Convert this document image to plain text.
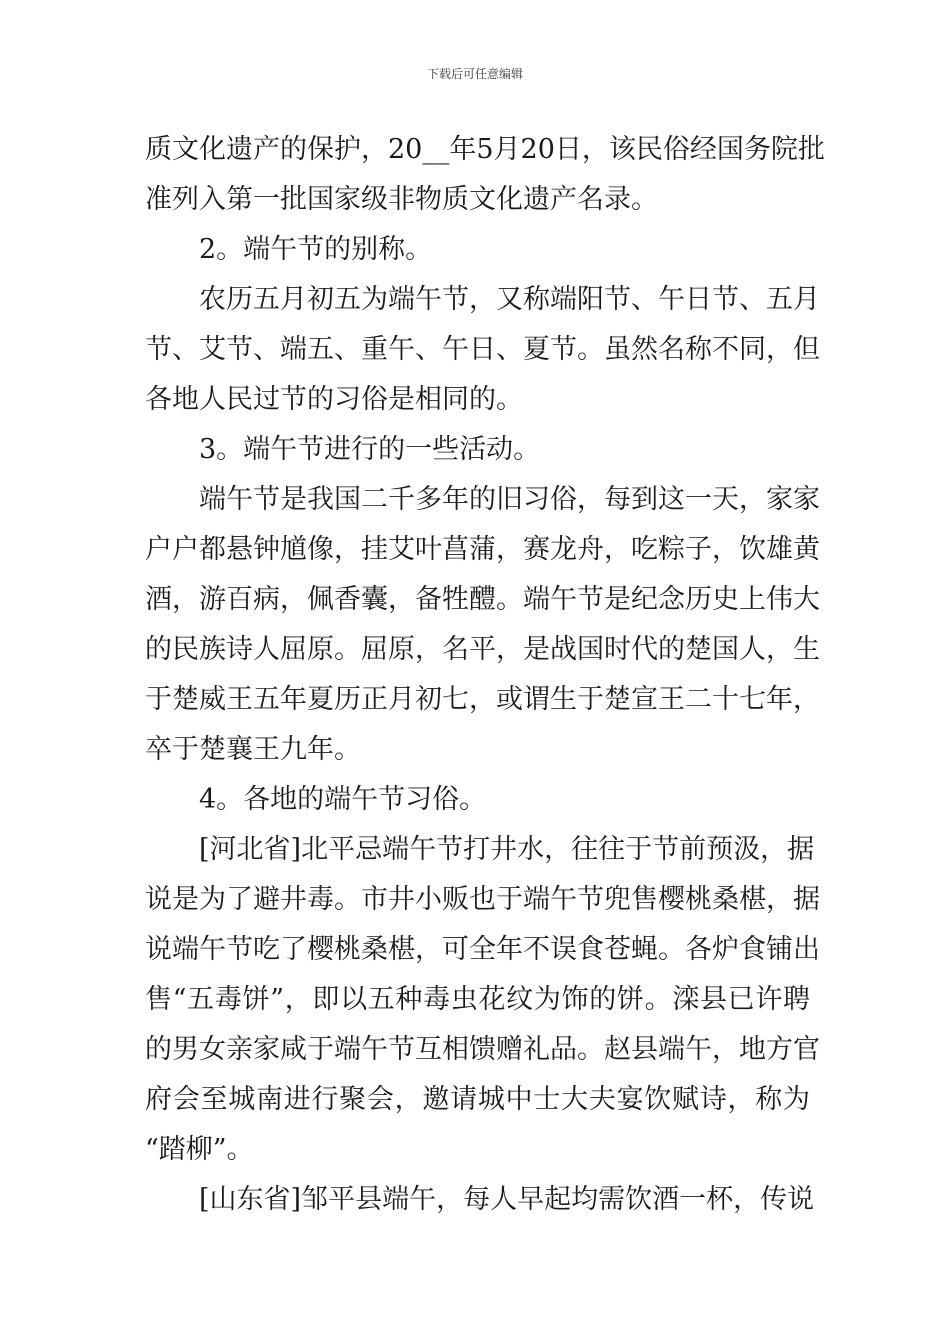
下载后可任意编辑
质文化遗产的保护，20__年5月20日，该民俗经国务院批
准列入第一批国家级非物质文化遗产名录。
2。端午节的别称。
农历五月初五为端午节，又称端阳节、午日节、五月
节、艾节、端五、重午、午日、夏节。虽然名称不同，但
各地人民过节的习俗是相同的。
3。端午节进行的一些活动。
端午节是我国二千多年的旧习俗，每到这一天，家家
户户都悬钟馗像，挂艾叶菖蒲，赛龙舟，吃粽子，饮雄黄
酒，游百病，佩香囊，备牲醴。端午节是纪念历史上伟大
的民族诗人屈原。屈原，名平，是战国时代的楚国人，生
于楚威王五年夏历正月初七，或谓生于楚宣王二十七年，
卒于楚襄王九年。
4。各地的端午节习俗。
[河北省]北平忌端午节打井水，往往于节前预汲，据
说是为了避井毒。市井小贩也于端午节兜售樱桃桑椹，据
说端午节吃了樱桃桑椹，可全年不误食苍蝇。各炉食铺出
售“五毒饼”，即以五种毒虫花纹为饰的饼。滦县已许聘
的男女亲家咸于端午节互相馈赠礼品。赵县端午，地方官
府会至城南进行聚会，邀请城中士大夫宴饮赋诗，称为
“踏柳”。
[山东省]邹平县端午，每人早起均需饮酒一杯，传说
